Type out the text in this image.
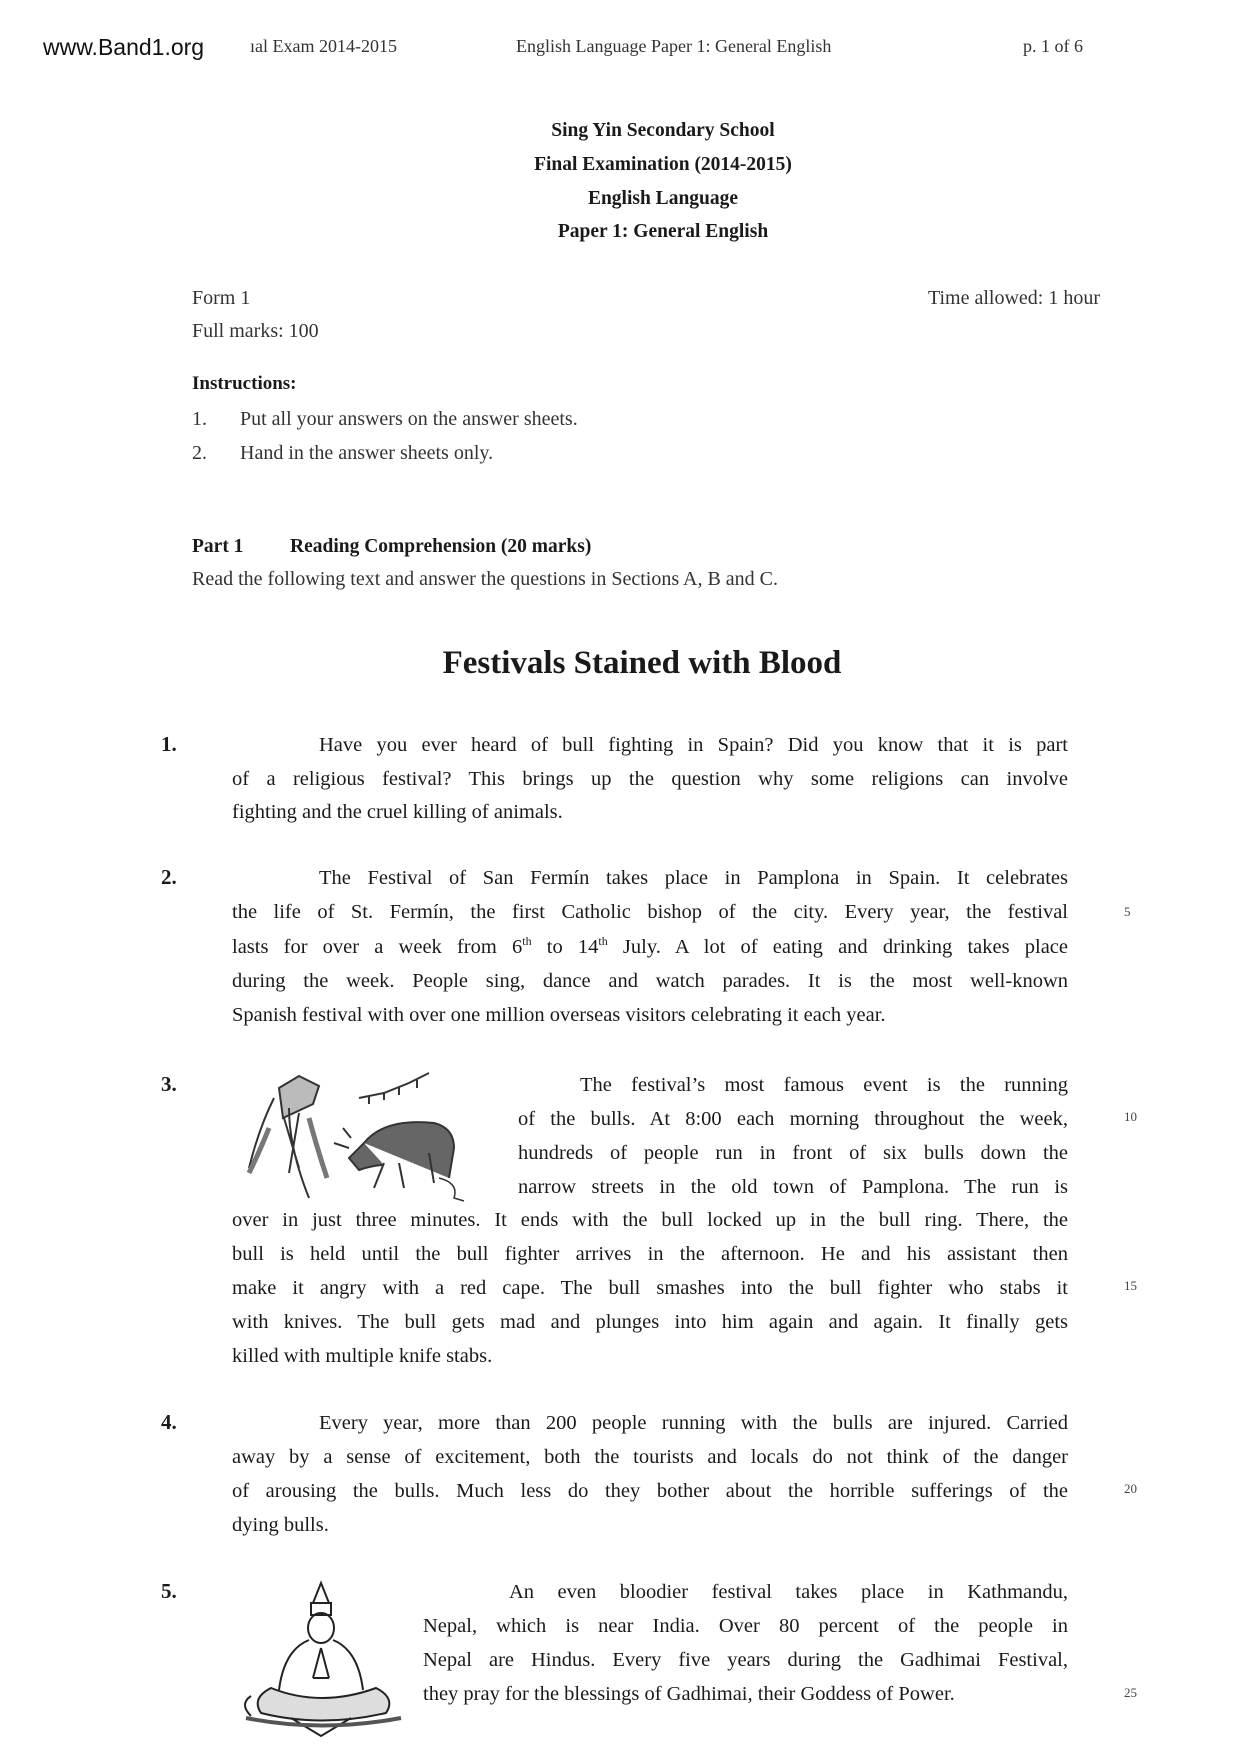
www.Band1.org	ıal Exam 2014-2015	English Language Paper 1: General English	p. 1 of 6
Sing Yin Secondary School
Final Examination (2014-2015)
English Language
Paper 1: General English
Form 1
Full marks: 100
Time allowed: 1 hour
Instructions:
1. Put all your answers on the answer sheets.
2. Hand in the answer sheets only.
Part 1 Reading Comprehension (20 marks)
Read the following text and answer the questions in Sections A, B and C.
Festivals Stained with Blood
1.	Have you ever heard of bull fighting in Spain? Did you know that it is part
of a religious festival? This brings up the question why some religions can involve
fighting and the cruel killing of animals.
2.	The Festival of San Fermín takes place in Pamplona in Spain. It celebrates
the life of St. Fermín, the first Catholic bishop of the city. Every year, the festival
lasts for over a week from 6th to 14th July. A lot of eating and drinking takes place
during the week. People sing, dance and watch parades. It is the most well-known
Spanish festival with over one million overseas visitors celebrating it each year.
3.	The festival’s most famous event is the running
of the bulls. At 8:00 each morning throughout the week,
hundreds of people run in front of six bulls down the
narrow streets in the old town of Pamplona. The run is
over in just three minutes. It ends with the bull locked up in the bull ring. There, the
bull is held until the bull fighter arrives in the afternoon. He and his assistant then
make it angry with a red cape. The bull smashes into the bull fighter who stabs it
with knives. The bull gets mad and plunges into him again and again. It finally gets
killed with multiple knife stabs.
4.	Every year, more than 200 people running with the bulls are injured. Carried
away by a sense of excitement, both the tourists and locals do not think of the danger
of arousing the bulls. Much less do they bother about the horrible sufferings of the
dying bulls.
5.	An even bloodier festival takes place in Kathmandu,
Nepal, which is near India. Over 80 percent of the people in
Nepal are Hindus. Every five years during the Gadhimai Festival,
they pray for the blessings of Gadhimai, their Goddess of Power.
5
10
15
20
25
